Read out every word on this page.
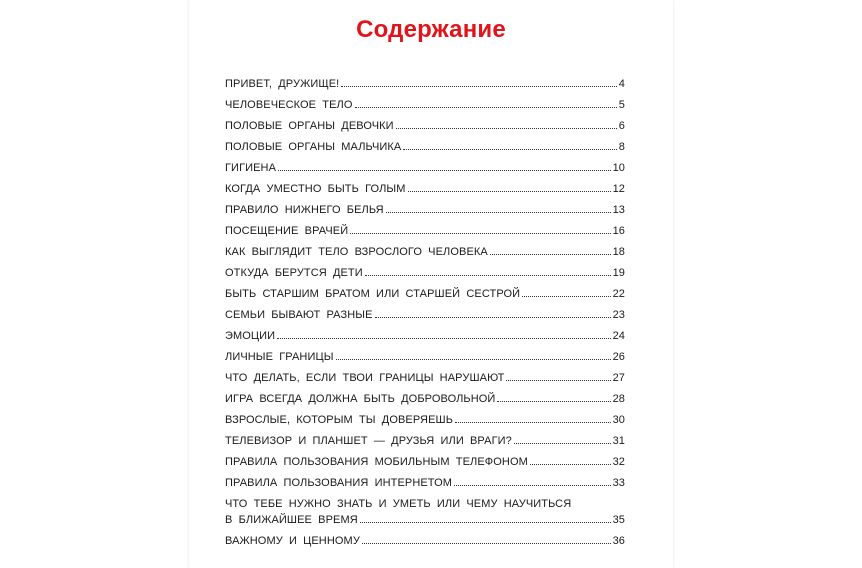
Содержание
ПРИВЕТ, ДРУЖИЩЕ!	4
ЧЕЛОВЕЧЕСКОЕ ТЕЛО	5
ПОЛОВЫЕ ОРГАНЫ ДЕВОЧКИ	6
ПОЛОВЫЕ ОРГАНЫ МАЛЬЧИКА	8
ГИГИЕНА	10
КОГДА УМЕСТНО БЫТЬ ГОЛЫМ	12
ПРАВИЛО НИЖНЕГО БЕЛЬЯ	13
ПОСЕЩЕНИЕ ВРАЧЕЙ	16
КАК ВЫГЛЯДИТ ТЕЛО ВЗРОСЛОГО ЧЕЛОВЕКА	18
ОТКУДА БЕРУТСЯ ДЕТИ	19
БЫТЬ СТАРШИМ БРАТОМ ИЛИ СТАРШЕЙ СЕСТРОЙ	22
СЕМЬИ БЫВАЮТ РАЗНЫЕ	23
ЭМОЦИИ	24
ЛИЧНЫЕ ГРАНИЦЫ	26
ЧТО ДЕЛАТЬ, ЕСЛИ ТВОИ ГРАНИЦЫ НАРУШАЮТ	27
ИГРА ВСЕГДА ДОЛЖНА БЫТЬ ДОБРОВОЛЬНОЙ	28
ВЗРОСЛЫЕ, КОТОРЫМ ТЫ ДОВЕРЯЕШЬ	30
ТЕЛЕВИЗОР И ПЛАНШЕТ — ДРУЗЬЯ ИЛИ ВРАГИ?	31
ПРАВИЛА ПОЛЬЗОВАНИЯ МОБИЛЬНЫМ ТЕЛЕФОНОМ	32
ПРАВИЛА ПОЛЬЗОВАНИЯ ИНТЕРНЕТОМ	33
ЧТО ТЕБЕ НУЖНО ЗНАТЬ И УМЕТЬ ИЛИ ЧЕМУ НАУЧИТЬСЯ
В БЛИЖАЙШЕЕ ВРЕМЯ	35
ВАЖНОМУ И ЦЕННОМУ	36
